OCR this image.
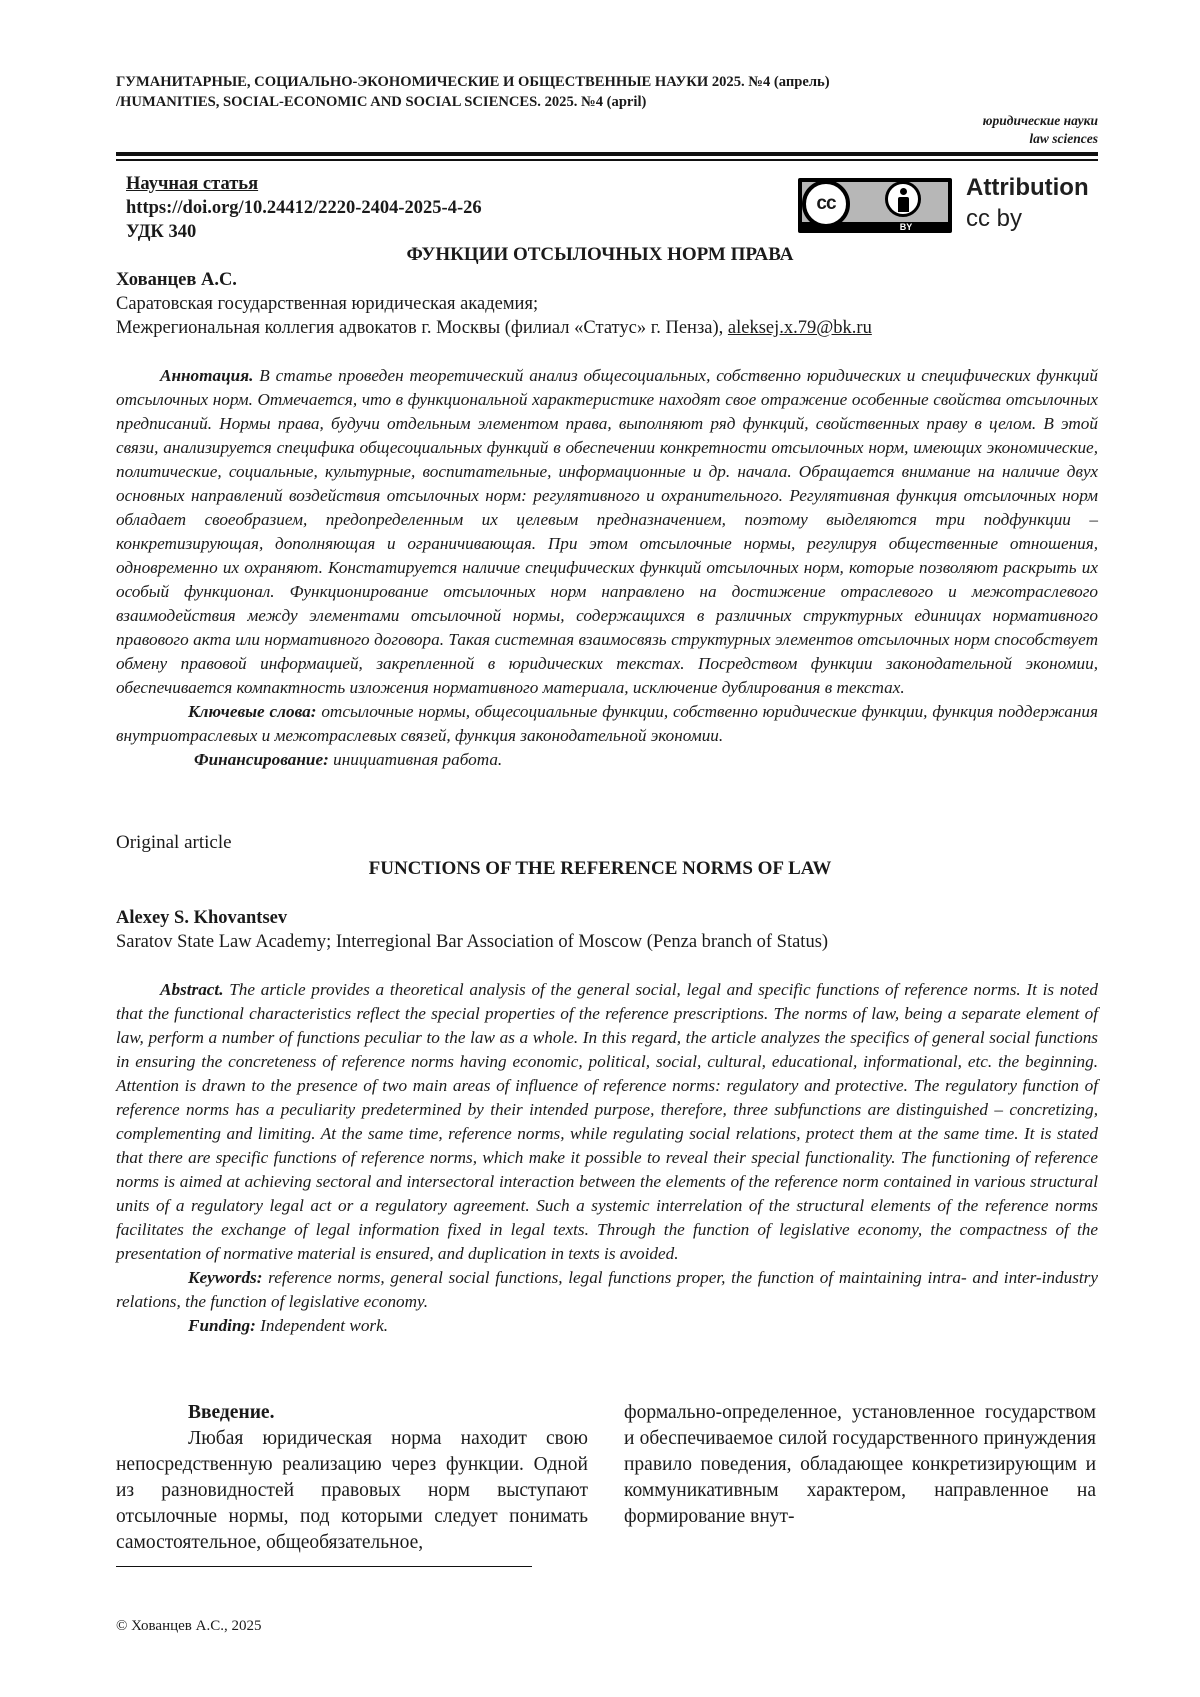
ГУМАНИТАРНЫЕ, СОЦИАЛЬНО-ЭКОНОМИЧЕСКИЕ И ОБЩЕСТВЕННЫЕ НАУКИ 2025. №4 (апрель)
/HUMANITIES, SOCIAL-ECONOMIC AND SOCIAL SCIENCES. 2025. №4 (april)
юридические науки
law sciences
Научная статья
https://doi.org/10.24412/2220-2404-2025-4-26
УДК 340
cc
BY
Attribution
cc by
ФУНКЦИИ ОТСЫЛОЧНЫХ НОРМ ПРАВА
Хованцев А.С.
Саратовская государственная юридическая академия;
Межрегиональная коллегия адвокатов г. Москвы (филиал «Статус» г. Пенза), aleksej.x.79@bk.ru

Аннотация. В статье проведен теоретический анализ общесоциальных, собственно юридических и специфических функций отсылочных норм. Отмечается, что в функциональной характеристике находят свое отражение особенные свойства отсылочных предписаний. Нормы права, будучи отдельным элементом права, выполняют ряд функций, свойственных праву в целом. В этой связи, анализируется специфика общесоциальных функций в обеспечении конкретности отсылочных норм, имеющих экономические, политические, социальные, культурные, воспитательные, информационные и др. начала. Обращается внимание на наличие двух основных направлений воздействия отсылочных норм: регулятивного и охранительного. Регулятивная функция отсылочных норм обладает своеобразием, предопределенным их целевым предназначением, поэтому выделяются три подфункции – конкретизирующая, дополняющая и ограничивающая. При этом отсылочные нормы, регулируя общественные отношения, одновременно их охраняют. Констатируется наличие специфических функций отсылочных норм, которые позволяют раскрыть их особый функционал. Функционирование отсылочных норм направлено на достижение отраслевого и межотраслевого взаимодействия между элементами отсылочной нормы, содержащихся в различных структурных единицах нормативного правового акта или нормативного договора. Такая системная взаимосвязь структурных элементов отсылочных норм способствует обмену правовой информацией, закрепленной в юридических текстах. Посредством функции законодательной экономии, обеспечивается компактность изложения нормативного материала, исключение дублирования в текстах.

Ключевые слова: отсылочные нормы, общесоциальные функции, собственно юридические функции, функция поддержания внутриотраслевых и межотраслевых связей, функция законодательной экономии.

Финансирование: инициативная работа.

Original article
FUNCTIONS OF THE REFERENCE NORMS OF LAW
Alexey S. Khovantsev
Saratov State Law Academy; Interregional Bar Association of Moscow (Penza branch of Status)

Abstract. The article provides a theoretical analysis of the general social, legal and specific functions of reference norms. It is noted that the functional characteristics reflect the special properties of the reference prescriptions. The norms of law, being a separate element of law, perform a number of functions peculiar to the law as a whole. In this regard, the article analyzes the specifics of general social functions in ensuring the concreteness of reference norms having economic, political, social, cultural, educational, informational, etc. the beginning. Attention is drawn to the presence of two main areas of influence of reference norms: regulatory and protective. The regulatory function of reference norms has a peculiarity predetermined by their intended purpose, therefore, three subfunctions are distinguished – concretizing, complementing and limiting. At the same time, reference norms, while regulating social relations, protect them at the same time. It is stated that there are specific functions of reference norms, which make it possible to reveal their special functionality. The functioning of reference norms is aimed at achieving sectoral and intersectoral interaction between the elements of the reference norm contained in various structural units of a regulatory legal act or a regulatory agreement. Such a systemic interrelation of the structural elements of the reference norms facilitates the exchange of legal information fixed in legal texts. Through the function of legislative economy, the compactness of the presentation of normative material is ensured, and duplication in texts is avoided.

Keywords: reference norms, general social functions, legal functions proper, the function of maintaining intra- and inter-industry relations, the function of legislative economy.

Funding: Independent work.

Введение.

Любая юридическая норма находит свою непосредственную реализацию через функции. Одной из разновидностей правовых норм выступают отсылочные нормы, под которыми следует понимать самостоятельное, общеобязательное,

формально-определенное, установленное государством и обеспечиваемое силой государственного принуждения правило поведения, обладающее конкретизирующим и коммуникативным характером, направленное на формирование внут-

© Хованцев А.С., 2025
